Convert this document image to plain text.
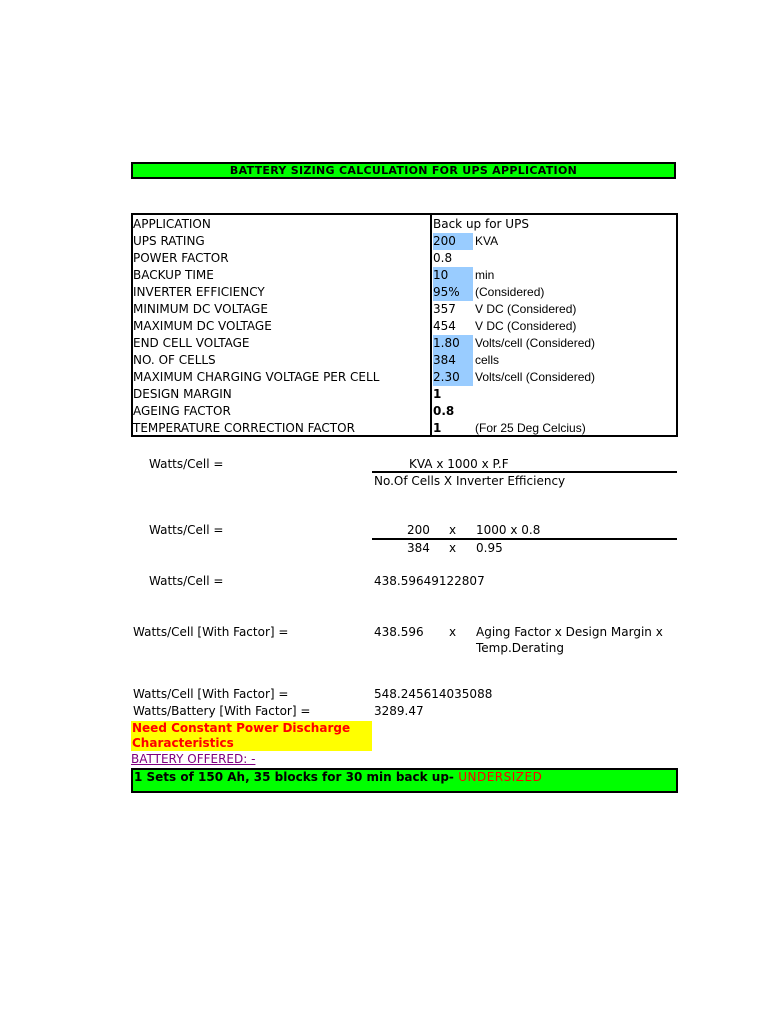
BATTERY SIZING CALCULATION FOR UPS APPLICATION
APPLICATION	Back up for UPS
UPS RATING	200	KVA
POWER FACTOR	0.8
BACKUP TIME	10	min
INVERTER EFFICIENCY	95%	(Considered)
MINIMUM DC VOLTAGE	357	V DC (Considered)
MAXIMUM DC VOLTAGE	454	V DC (Considered)
END CELL VOLTAGE	1.80	Volts/cell (Considered)
NO. OF CELLS	384	cells
MAXIMUM CHARGING VOLTAGE PER CELL	2.30	Volts/cell (Considered)
DESIGN MARGIN	1
AGEING FACTOR	0.8
TEMPERATURE CORRECTION FACTOR	1	(For 25 Deg Celcius)
Watts/Cell =	KVA x 1000 x P.F
No.Of Cells X Inverter Efficiency
Watts/Cell =	200 x 1000 x 0.8
384 x 0.95
Watts/Cell =	438.59649122807
Watts/Cell [With Factor] =	438.596 x Aging Factor x Design Margin x
Temp.Derating
Watts/Cell [With Factor] =	548.245614035088
Watts/Battery [With Factor] =	3289.47
Need Constant Power Discharge
Characteristics
BATTERY OFFERED: -
1 Sets of 150 Ah, 35 blocks for 30 min back up- UNDERSIZED
